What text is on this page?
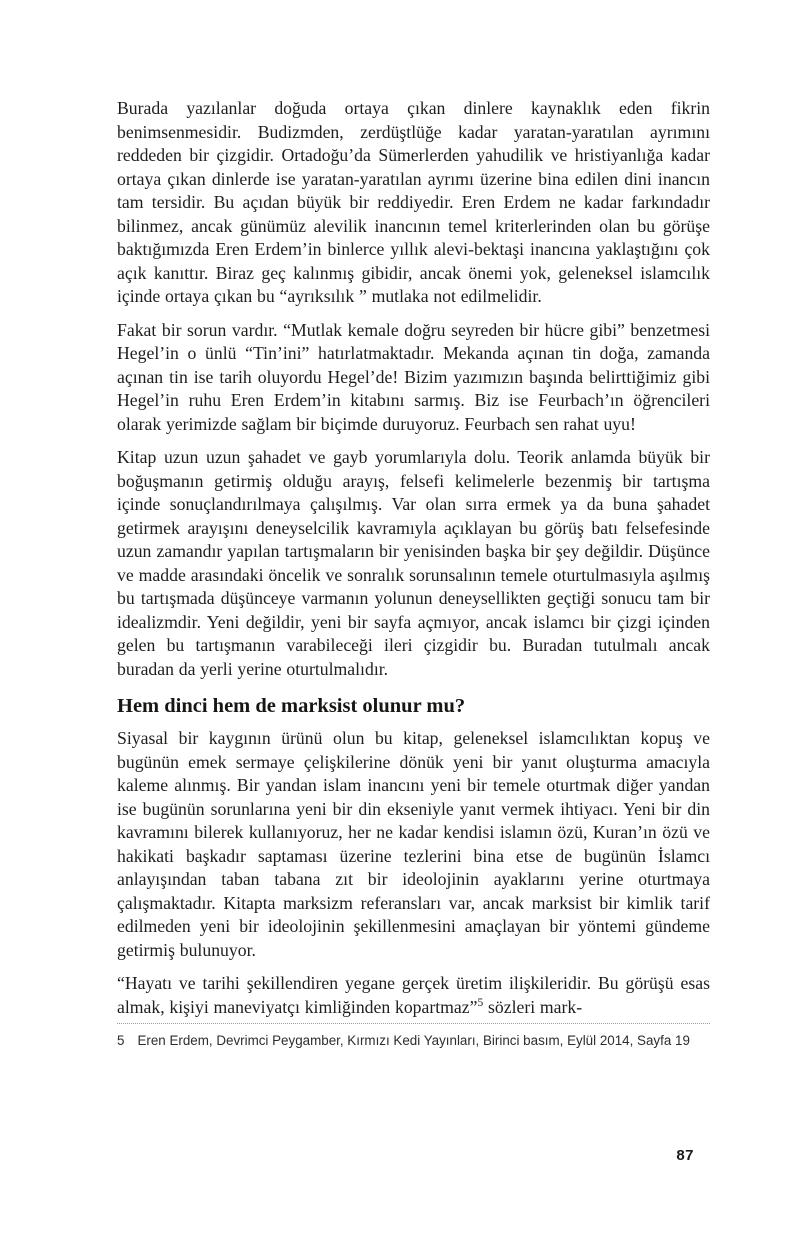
Burada yazılanlar doğuda ortaya çıkan dinlere kaynaklık eden fikrin benimsenmesidir. Budizmden, zerdüştlüğe kadar yaratan-yaratılan ayrımını reddeden bir çizgidir. Ortadoğu’da Sümerlerden yahudilik ve hristiyanlığa kadar ortaya çıkan dinlerde ise yaratan-yaratılan ayrımı üzerine bina edilen dini inancın tam tersidir. Bu açıdan büyük bir reddiyedir. Eren Erdem ne kadar farkındadır bilinmez, ancak günümüz alevilik inancının temel kriterlerinden olan bu görüşe baktığımızda Eren Erdem’in binlerce yıllık alevi-bektaşi inancına yaklaştığını çok açık kanıttır. Biraz geç kalınmış gibidir, ancak önemi yok, geleneksel islamcılık içinde ortaya çıkan bu “ayrıksılık ” mutlaka not edilmelidir.

Fakat bir sorun vardır. “Mutlak kemale doğru seyreden bir hücre gibi” benzetmesi Hegel’in o ünlü “Tin’ini” hatırlatmaktadır. Mekanda açınan tin doğa, zamanda açınan tin ise tarih oluyordu Hegel’de! Bizim yazımızın başında belirttiğimiz gibi Hegel’in ruhu Eren Erdem’in kitabını sarmış. Biz ise Feurbach’ın öğrencileri olarak yerimizde sağlam bir biçimde duruyoruz. Feurbach sen rahat uyu!

Kitap uzun uzun şahadet ve gayb yorumlarıyla dolu. Teorik anlamda büyük bir boğuşmanın getirmiş olduğu arayış, felsefi kelimelerle bezenmiş bir tartışma içinde sonuçlandırılmaya çalışılmış. Var olan sırra ermek ya da buna şahadet getirmek arayışını deneyselcilik kavramıyla açıklayan bu görüş batı felsefesinde uzun zamandır yapılan tartışmaların bir yenisinden başka bir şey değildir. Düşünce ve madde arasındaki öncelik ve sonralık sorunsalının temele oturtulmasıyla aşılmış bu tartışmada düşünceye varmanın yolunun deneysellikten geçtiği sonucu tam bir idealizmdir. Yeni değildir, yeni bir sayfa açmıyor, ancak islamcı bir çizgi içinden gelen bu tartışmanın varabileceği ileri çizgidir bu. Buradan tutulmalı ancak buradan da yerli yerine oturtulmalıdır.

Hem dinci hem de marksist olunur mu?

Siyasal bir kaygının ürünü olun bu kitap, geleneksel islamcılıktan kopuş ve bugünün emek sermaye çelişkilerine dönük yeni bir yanıt oluşturma amacıyla kaleme alınmış. Bir yandan islam inancını yeni bir temele oturtmak diğer yandan ise bugünün sorunlarına yeni bir din ekseniyle yanıt vermek ihtiyacı. Yeni bir din kavramını bilerek kullanıyoruz, her ne kadar kendisi islamın özü, Kuran’ın özü ve hakikati başkadır saptaması üzerine tezlerini bina etse de bugünün İslamcı anlayışından taban tabana zıt bir ideolojinin ayaklarını yerine oturtmaya çalışmaktadır. Kitapta marksizm referansları var, ancak marksist bir kimlik tarif edilmeden yeni bir ideolojinin şekillenmesini amaçlayan bir yöntemi gündeme getirmiş bulunuyor.

“Hayatı ve tarihi şekillendiren yegane gerçek üretim ilişkileridir. Bu görüşü esas almak, kişiyi maneviyatçı kimliğinden kopartmaz”$^5$ sözleri mark-

5 Eren Erdem, Devrimci Peygamber, Kırmızı Kedi Yayınları, Birinci basım, Eylül 2014, Sayfa 19
87
